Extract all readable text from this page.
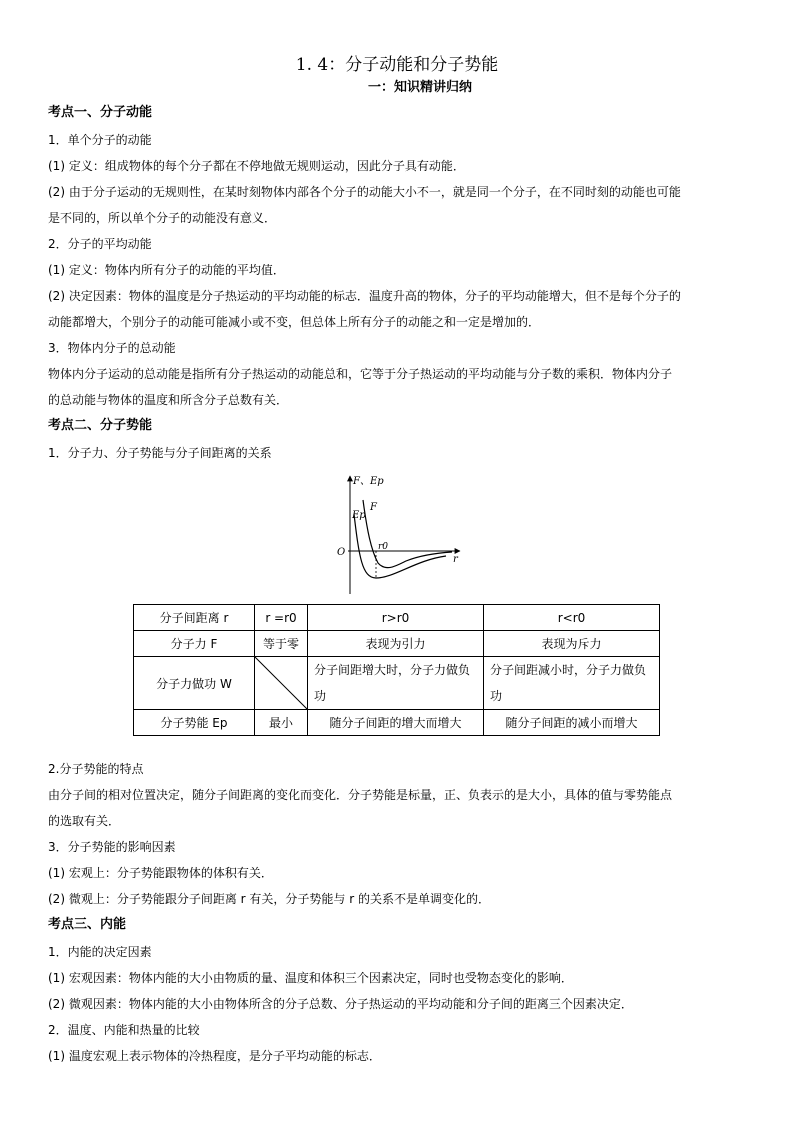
1. 4：分子动能和分子势能
一：知识精讲归纳
考点一、分子动能
1．单个分子的动能
(1) 定义：组成物体的每个分子都在不停地做无规则运动，因此分子具有动能．
(2) 由于分子运动的无规则性，在某时刻物体内部各个分子的动能大小不一，就是同一个分子，在不同时刻的动能也可能
是不同的，所以单个分子的动能没有意义．
2．分子的平均动能
(1) 定义：物体内所有分子的动能的平均值．
(2) 决定因素：物体的温度是分子热运动的平均动能的标志．温度升高的物体，分子的平均动能增大，但不是每个分子的
动能都增大，个别分子的动能可能减小或不变，但总体上所有分子的动能之和一定是增加的．
3．物体内分子的总动能
物体内分子运动的总动能是指所有分子热运动的动能总和，它等于分子热运动的平均动能与分子数的乘积．物体内分子
的总动能与物体的温度和所含分子总数有关．
考点二、分子势能
1．分子力、分子势能与分子间距离的关系
F、Ep
Ep
F
O	r0
r
分子间距离 r	r =r0	r>r0	r<r0
分子力 F	等于零	表现为引力	表现为斥力
分子力做功 W		分子间距增大时，分子力做负功	分子间距减小时，分子力做负功
分子势能 Ep	最小	随分子间距的增大而增大	随分子间距的减小而增大
2.分子势能的特点
由分子间的相对位置决定，随分子间距离的变化而变化．分子势能是标量，正、负表示的是大小，具体的值与零势能点
的选取有关．
3．分子势能的影响因素
(1) 宏观上：分子势能跟物体的体积有关．
(2) 微观上：分子势能跟分子间距离 r 有关，分子势能与 r 的关系不是单调变化的．
考点三、内能
1．内能的决定因素
(1) 宏观因素：物体内能的大小由物质的量、温度和体积三个因素决定，同时也受物态变化的影响．
(2) 微观因素：物体内能的大小由物体所含的分子总数、分子热运动的平均动能和分子间的距离三个因素决定．
2．温度、内能和热量的比较
(1) 温度宏观上表示物体的冷热程度，是分子平均动能的标志．
